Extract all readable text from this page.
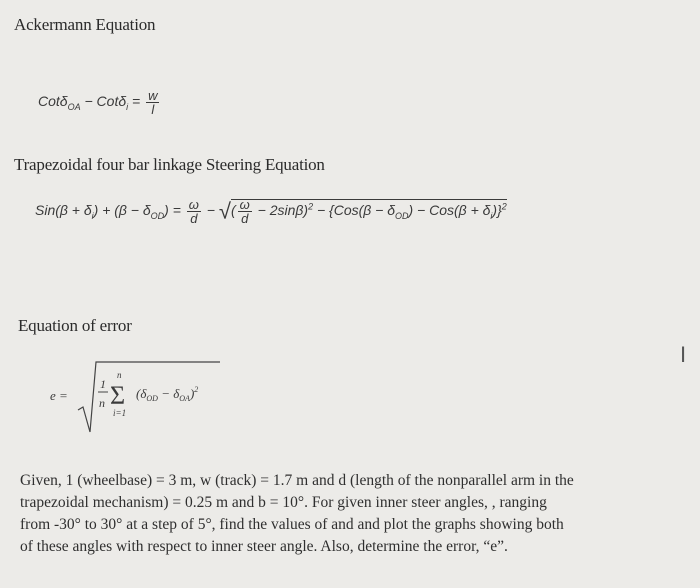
Ackermann Equation
$Cot\delta_{OA} - Cot\delta_i = \frac{w}{l}$
Trapezoidal four bar linkage Steering Equation
$Sin(\beta + \delta_i) + (\beta - \delta_{OD}) = \frac{\omega}{d}$ − √( $\frac{\omega}{d} - 2\sin\beta)^2 - \{Cos(\beta - \delta_{OD}) - Cos(\beta + \delta_i)\}^2$
Equation of error
e =
1
n Σ
n
i=1
$(\delta_{OD} - \delta_{OA})^2$
I
Given, 1 (wheelbase) = 3 m, w (track) = 1.7 m and d (length of the nonparallel arm in the
trapezoidal mechanism) = 0.25 m and b = 10°. For given inner steer angles, , ranging
from -30° to 30° at a step of 5°, find the values of and and plot the graphs showing both
of these angles with respect to inner steer angle. Also, determine the error, “e”.
